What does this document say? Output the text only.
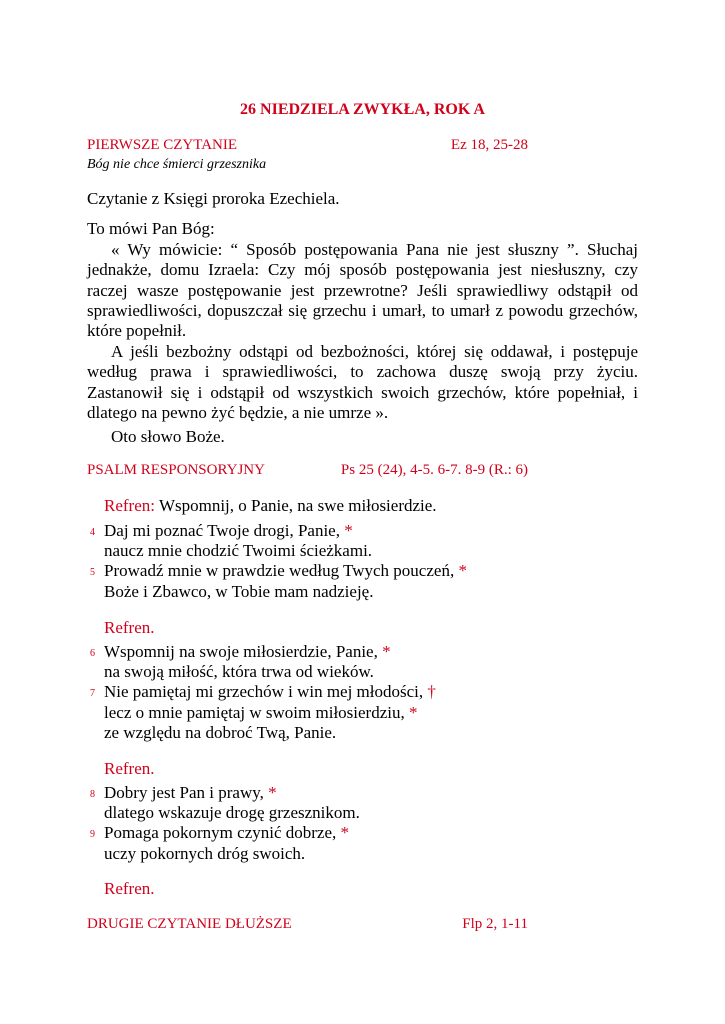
26 NIEDZIELA ZWYKŁA, ROK A
PIERWSZE CZYTANIE	Ez 18, 25-28
Bóg nie chce śmierci grzesznika
Czytanie z Księgi proroka Ezechiela.
To mówi Pan Bóg:
« Wy mówicie: “ Sposób postępowania Pana nie jest słuszny ”. Słuchaj jednakże, domu Izraela: Czy mój sposób postępowania jest niesłuszny, czy raczej wasze postępowanie jest przewrotne? Jeśli sprawiedliwy odstąpił od sprawiedliwości, dopuszczał się grzechu i umarł, to umarł z powodu grzechów, które popełnił.
A jeśli bezbożny odstąpi od bezbożności, której się oddawał, i postępuje według prawa i sprawiedliwości, to zachowa duszę swoją przy życiu. Zastanowił się i odstąpił od wszystkich swoich grzechów, które popełniał, i dlatego na pewno żyć będzie, a nie umrze ».
Oto słowo Boże.
PSALM RESPONSORYJNY	Ps 25 (24), 4-5. 6-7. 8-9 (R.: 6)
Refren: Wspomnij, o Panie, na swe miłosierdzie.
4 Daj mi poznać Twoje drogi, Panie, *
naucz mnie chodzić Twoimi ścieżkami.
5 Prowadź mnie w prawdzie według Twych pouczeń, *
Boże i Zbawco, w Tobie mam nadzieję.
6 Wspomnij na swoje miłosierdzie, Panie, *
na swoją miłość, która trwa od wieków.
7 Nie pamiętaj mi grzechów i win mej młodości, †
lecz o mnie pamiętaj w swoim miłosierdziu, *
ze względu na dobroć Twą, Panie.
8 Dobry jest Pan i prawy, *
dlatego wskazuje drogę grzesznikom.
9 Pomaga pokornym czynić dobrze, *
uczy pokornych dróg swoich.
Refren.
Refren.
Refren.
DRUGIE CZYTANIE DŁUŻSZE	Flp 2, 1-11
